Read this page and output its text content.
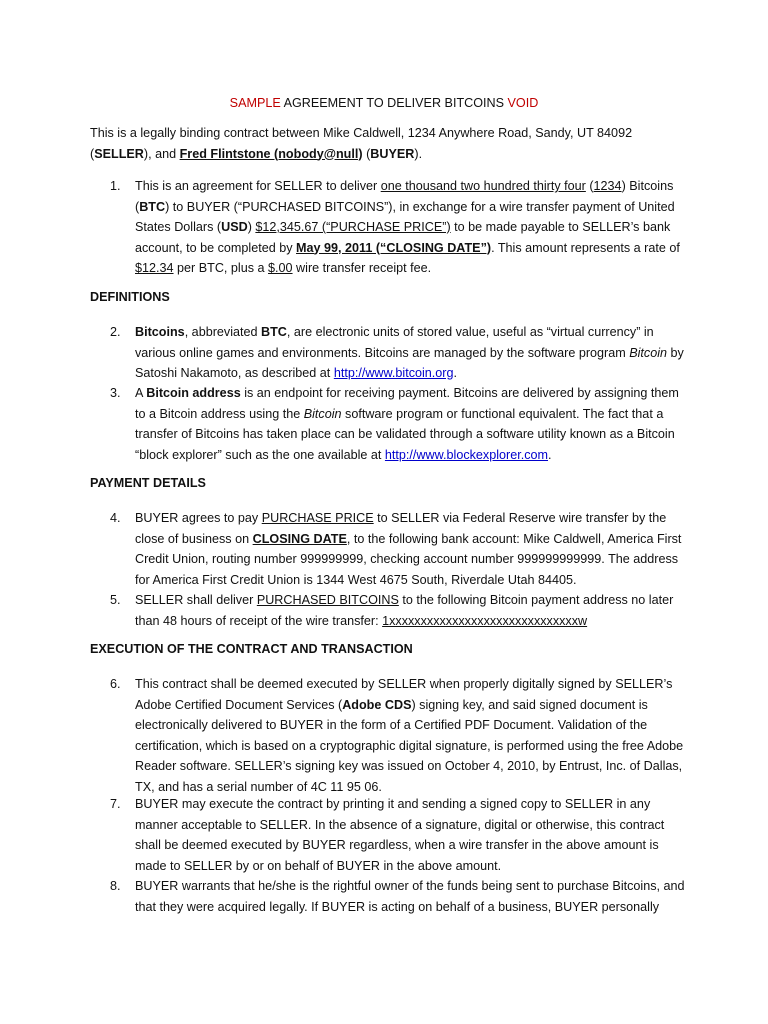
SAMPLE AGREEMENT TO DELIVER BITCOINS VOID
This is a legally binding contract between Mike Caldwell, 1234 Anywhere Road, Sandy, UT 84092 (SELLER), and Fred Flintstone (nobody@null) (BUYER).
1.	This is an agreement for SELLER to deliver one thousand two hundred thirty four (1234) Bitcoins (BTC) to BUYER (“PURCHASED BITCOINS”), in exchange for a wire transfer payment of United States Dollars (USD) $12,345.67 (“PURCHASE PRICE”) to be made payable to SELLER’s bank account, to be completed by May 99, 2011 (“CLOSING DATE”). This amount represents a rate of $12.34 per BTC, plus a $.00 wire transfer receipt fee.
DEFINITIONS
2.	Bitcoins, abbreviated BTC, are electronic units of stored value, useful as “virtual currency” in various online games and environments. Bitcoins are managed by the software program Bitcoin by Satoshi Nakamoto, as described at http://www.bitcoin.org.
3.	A Bitcoin address is an endpoint for receiving payment. Bitcoins are delivered by assigning them to a Bitcoin address using the Bitcoin software program or functional equivalent. The fact that a transfer of Bitcoins has taken place can be validated through a software utility known as a Bitcoin “block explorer” such as the one available at http://www.blockexplorer.com.
PAYMENT DETAILS
4.	BUYER agrees to pay PURCHASE PRICE to SELLER via Federal Reserve wire transfer by the close of business on CLOSING DATE, to the following bank account: Mike Caldwell, America First Credit Union, routing number 999999999, checking account number 999999999999. The address for America First Credit Union is 1344 West 4675 South, Riverdale Utah 84405.
5.	SELLER shall deliver PURCHASED BITCOINS to the following Bitcoin payment address no later than 48 hours of receipt of the wire transfer: 1xxxxxxxxxxxxxxxxxxxxxxxxxxxxxxw
EXECUTION OF THE CONTRACT AND TRANSACTION
6.	This contract shall be deemed executed by SELLER when properly digitally signed by SELLER’s Adobe Certified Document Services (Adobe CDS) signing key, and said signed document is electronically delivered to BUYER in the form of a Certified PDF Document. Validation of the certification, which is based on a cryptographic digital signature, is performed using the free Adobe Reader software. SELLER’s signing key was issued on October 4, 2010, by Entrust, Inc. of Dallas, TX, and has a serial number of 4C 11 95 06.
7.	BUYER may execute the contract by printing it and sending a signed copy to SELLER in any manner acceptable to SELLER. In the absence of a signature, digital or otherwise, this contract shall be deemed executed by BUYER regardless, when a wire transfer in the above amount is made to SELLER by or on behalf of BUYER in the above amount.
8.	BUYER warrants that he/she is the rightful owner of the funds being sent to purchase Bitcoins, and that they were acquired legally. If BUYER is acting on behalf of a business, BUYER personally
